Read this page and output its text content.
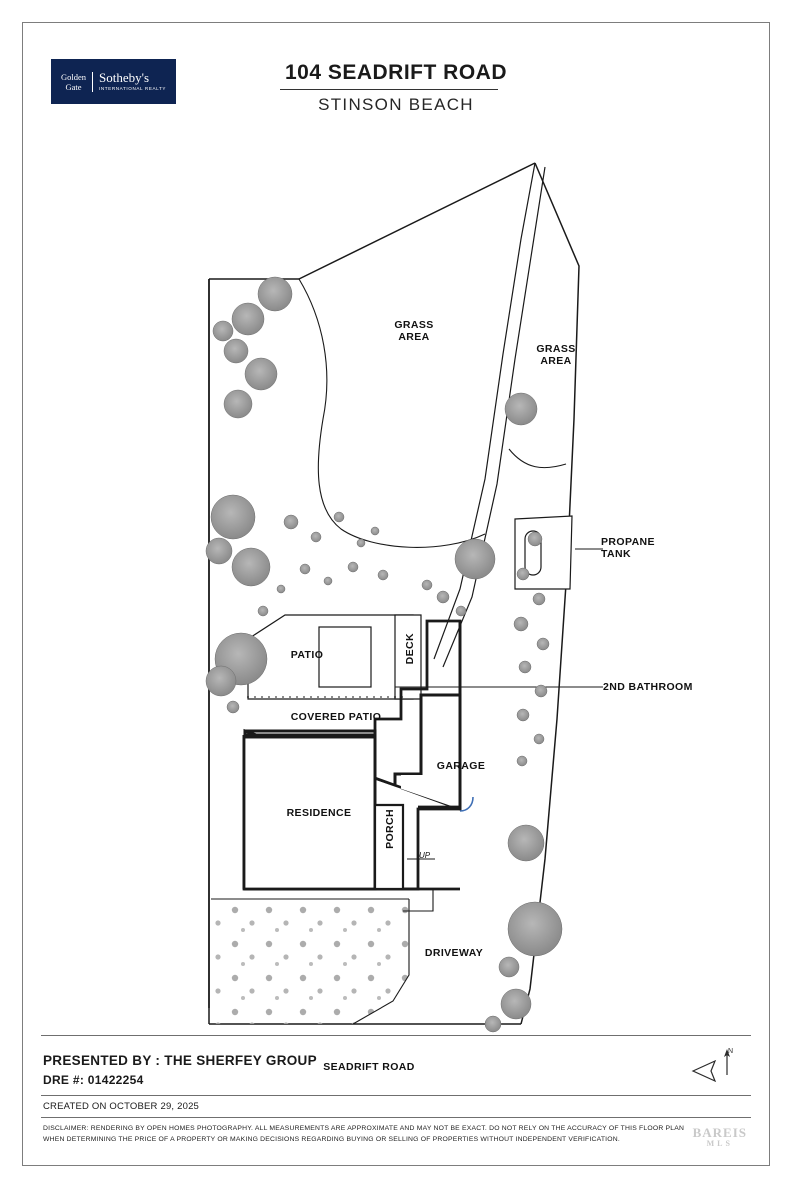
Golden
Gate
Sotheby's
INTERNATIONAL REALTY
104 SEADRIFT ROAD
STINSON BEACH
GRASS
AREA
GRASS
AREA
PROPANE
TANK
2ND BATHROOM
PATIO	DECK
COVERED PATIO
GARAGE
RESIDENCE	PORCH
UP
DRIVEWAY
SEADRIFT ROAD
PRESENTED BY : THE SHERFEY GROUP
DRE #: 01422254
N
CREATED ON OCTOBER 29, 2025
DISCLAIMER: RENDERING BY OPEN HOMES PHOTOGRAPHY. ALL MEASUREMENTS ARE APPROXIMATE AND MAY NOT BE EXACT. DO NOT RELY ON THE ACCURACY OF THIS FLOOR PLAN
WHEN DETERMINING THE PRICE OF A PROPERTY OR MAKING DECISIONS REGARDING BUYING OR SELLING OF PROPERTIES WITHOUT INDEPENDENT VERIFICATION.	BAREIS
MLS
